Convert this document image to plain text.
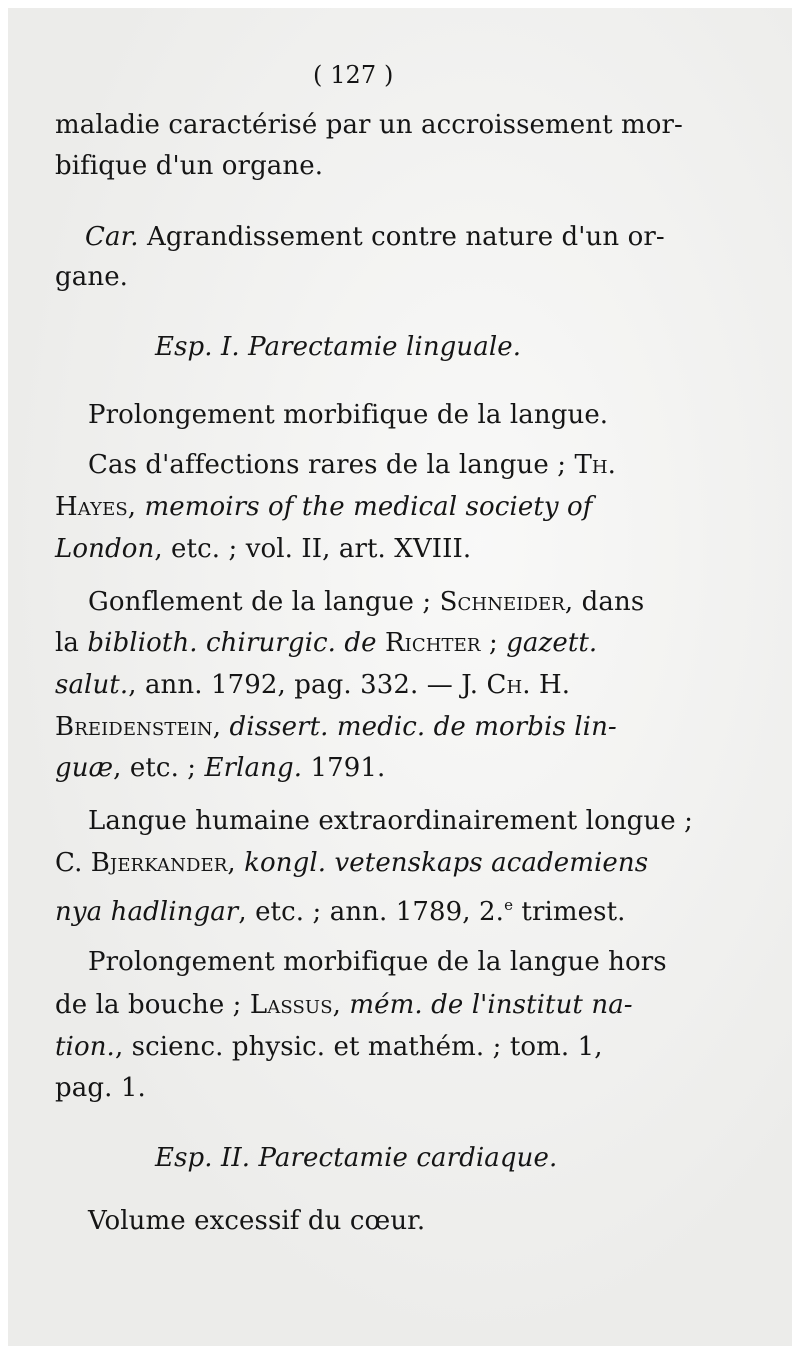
( 127 )
maladie caractérisé par un accroissement mor-
bifique d'un organe.
Car. Agrandissement contre nature d'un or-
gane.
Esp. I. Parectamie linguale.
Prolongement morbifique de la langue.
Cas d'affections rares de la langue ; Th.
Hayes, memoirs of the medical society of
London, etc. ; vol. II, art. XVIII.
Gonflement de la langue ; Schneider, dans
la biblioth. chirurgic. de Richter ; gazett.
salut., ann. 1792, pag. 332. — J. Ch. H.
Breidenstein, dissert. medic. de morbis lin-
guæ, etc. ; Erlang. 1791.
Langue humaine extraordinairement longue ;
C. Bjerkander, kongl. vetenskaps academiens
nya hadlingar, etc. ; ann. 1789, 2.$^e$ trimest.
Prolongement morbifique de la langue hors
de la bouche ; Lassus, mém. de l'institut na-
tion., scienc. physic. et mathém. ; tom. 1,
pag. 1.
Esp. II. Parectamie cardiaque.
Volume excessif du cœur.
